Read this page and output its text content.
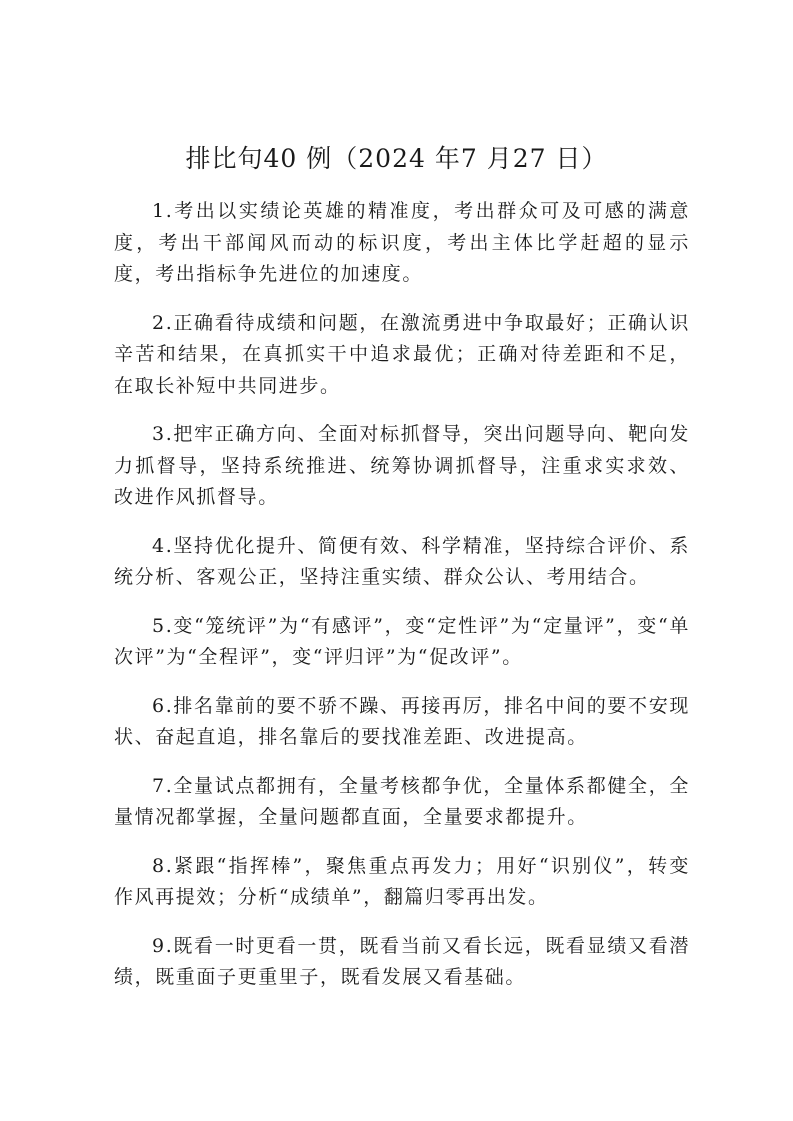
排比句40 例（2024 年7 月27 日）

1.考出以实绩论英雄的精准度，考出群众可及可感的满意度，考出干部闻风而动的标识度，考出主体比学赶超的显示度，考出指标争先进位的加速度。

2.正确看待成绩和问题，在激流勇进中争取最好；正确认识辛苦和结果，在真抓实干中追求最优；正确对待差距和不足，在取长补短中共同进步。

3.把牢正确方向、全面对标抓督导，突出问题导向、靶向发力抓督导，坚持系统推进、统筹协调抓督导，注重求实求效、改进作风抓督导。

4.坚持优化提升、简便有效、科学精准，坚持综合评价、系统分析、客观公正，坚持注重实绩、群众公认、考用结合。

5.变“笼统评”为“有感评”，变“定性评”为“定量评”，变“单次评”为“全程评”，变“评归评”为“促改评”。

6.排名靠前的要不骄不躁、再接再厉，排名中间的要不安现状、奋起直追，排名靠后的要找准差距、改进提高。

7.全量试点都拥有，全量考核都争优，全量体系都健全，全量情况都掌握，全量问题都直面，全量要求都提升。

8.紧跟“指挥棒”，聚焦重点再发力；用好“识别仪”，转变作风再提效；分析“成绩单”，翻篇归零再出发。

9.既看一时更看一贯，既看当前又看长远，既看显绩又看潜绩，既重面子更重里子，既看发展又看基础。
